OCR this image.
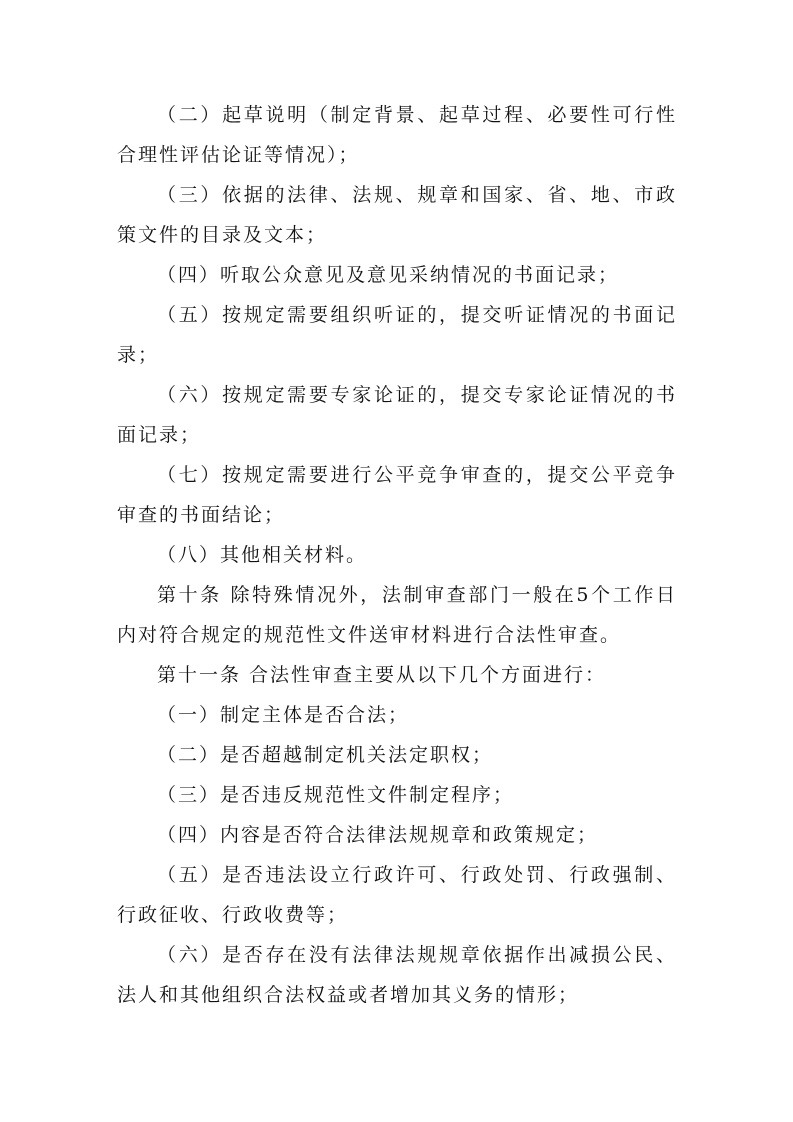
（二）起草说明（制定背景、起草过程、必要性可行性合理性评估论证等情况）；

（三）依据的法律、法规、规章和国家、省、地、市政策文件的目录及文本；

（四）听取公众意见及意见采纳情况的书面记录；

（五）按规定需要组织听证的，提交听证情况的书面记录；

（六）按规定需要专家论证的，提交专家论证情况的书面记录；

（七）按规定需要进行公平竞争审查的，提交公平竞争审查的书面结论；

（八）其他相关材料。

第十条 除特殊情况外，法制审查部门一般在5个工作日内对符合规定的规范性文件送审材料进行合法性审查。

第十一条 合法性审查主要从以下几个方面进行：

（一）制定主体是否合法；

（二）是否超越制定机关法定职权；

（三）是否违反规范性文件制定程序；

（四）内容是否符合法律法规规章和政策规定；

（五）是否违法设立行政许可、行政处罚、行政强制、行政征收、行政收费等；

（六）是否存在没有法律法规规章依据作出减损公民、法人和其他组织合法权益或者增加其义务的情形；
